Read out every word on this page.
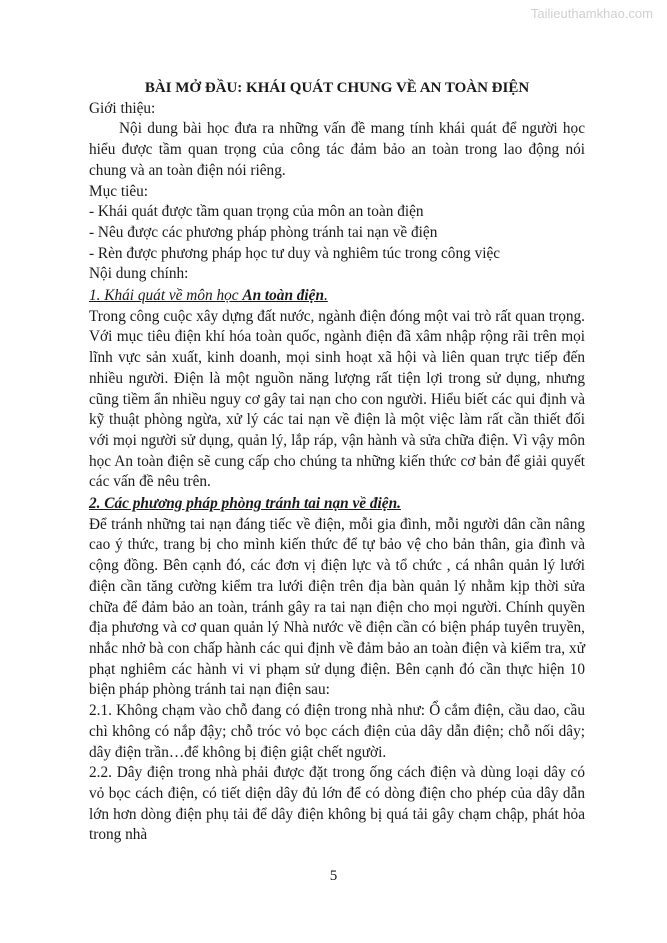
Tailieuthamkhao.com

BÀI MỞ ĐẦU: KHÁI QUÁT CHUNG VỀ AN TOÀN ĐIỆN

Giới thiệu:

Nội dung bài học đưa ra những vấn đề mang tính khái quát để người học hiểu được tầm quan trọng của công tác đảm bảo an toàn trong lao động nói chung và an toàn điện nói riêng.

Mục tiêu:

- Khái quát được tầm quan trọng của môn an toàn điện

- Nêu được các phương pháp phòng tránh tai nạn về điện

- Rèn được phương pháp học tư duy và nghiêm túc trong công việc

Nội dung chính:

1. Khái quát về môn học An toàn điện.

Trong công cuộc xây dựng đất nước, ngành điện đóng một vai trò rất quan trọng. Với mục tiêu điện khí hóa toàn quốc, ngành điện đã xâm nhập rộng rãi trên mọi lĩnh vực sản xuất, kinh doanh, mọi sinh hoạt xã hội và liên quan trực tiếp đến nhiều người. Điện là một nguồn năng lượng rất tiện lợi trong sử dụng, nhưng cũng tiềm ẩn nhiều nguy cơ gây tai nạn cho con người. Hiểu biết các qui định và kỹ thuật phòng ngừa, xử lý các tai nạn về điện là một việc làm rất cần thiết đối với mọi người sử dụng, quản lý, lắp ráp, vận hành và sửa chữa điện. Vì vậy môn học An toàn điện sẽ cung cấp cho chúng ta những kiến thức cơ bản để giải quyết các vấn đề nêu trên.

2. Các phương pháp phòng tránh tai nạn về điện.

Để tránh những tai nạn đáng tiếc về điện, mỗi gia đình, mỗi người dân cần nâng cao ý thức, trang bị cho mình kiến thức để tự bảo vệ cho bản thân, gia đình và cộng đồng. Bên cạnh đó, các đơn vị điện lực và tổ chức , cá nhân quản lý lưới điện cần tăng cường kiểm tra lưới điện trên địa bàn quản lý nhằm kịp thời sửa chữa để đảm bảo an toàn, tránh gây ra tai nạn điện cho mọi người. Chính quyền địa phương và cơ quan quản lý Nhà nước về điện cần có biện pháp tuyên truyền, nhắc nhở bà con chấp hành các qui định về đảm bảo an toàn điện và kiểm tra, xử phạt nghiêm các hành vi vi phạm sử dụng điện. Bên cạnh đó cần thực hiện 10 biện pháp phòng tránh tai nạn điện sau:

2.1. Không chạm vào chỗ đang có điện trong nhà như: Ổ cắm điện, cầu dao, cầu chì không có nắp đậy; chỗ tróc vỏ bọc cách điện của dây dẫn điện; chỗ nối dây; dây điện trần…để không bị điện giật chết người.

2.2. Dây điện trong nhà phải được đặt trong ống cách điện và dùng loại dây có vỏ bọc cách điện, có tiết diện dây đủ lớn để có dòng điện cho phép của dây dẫn lớn hơn dòng điện phụ tải để dây điện không bị quá tải gây chạm chập, phát hỏa trong nhà

5
